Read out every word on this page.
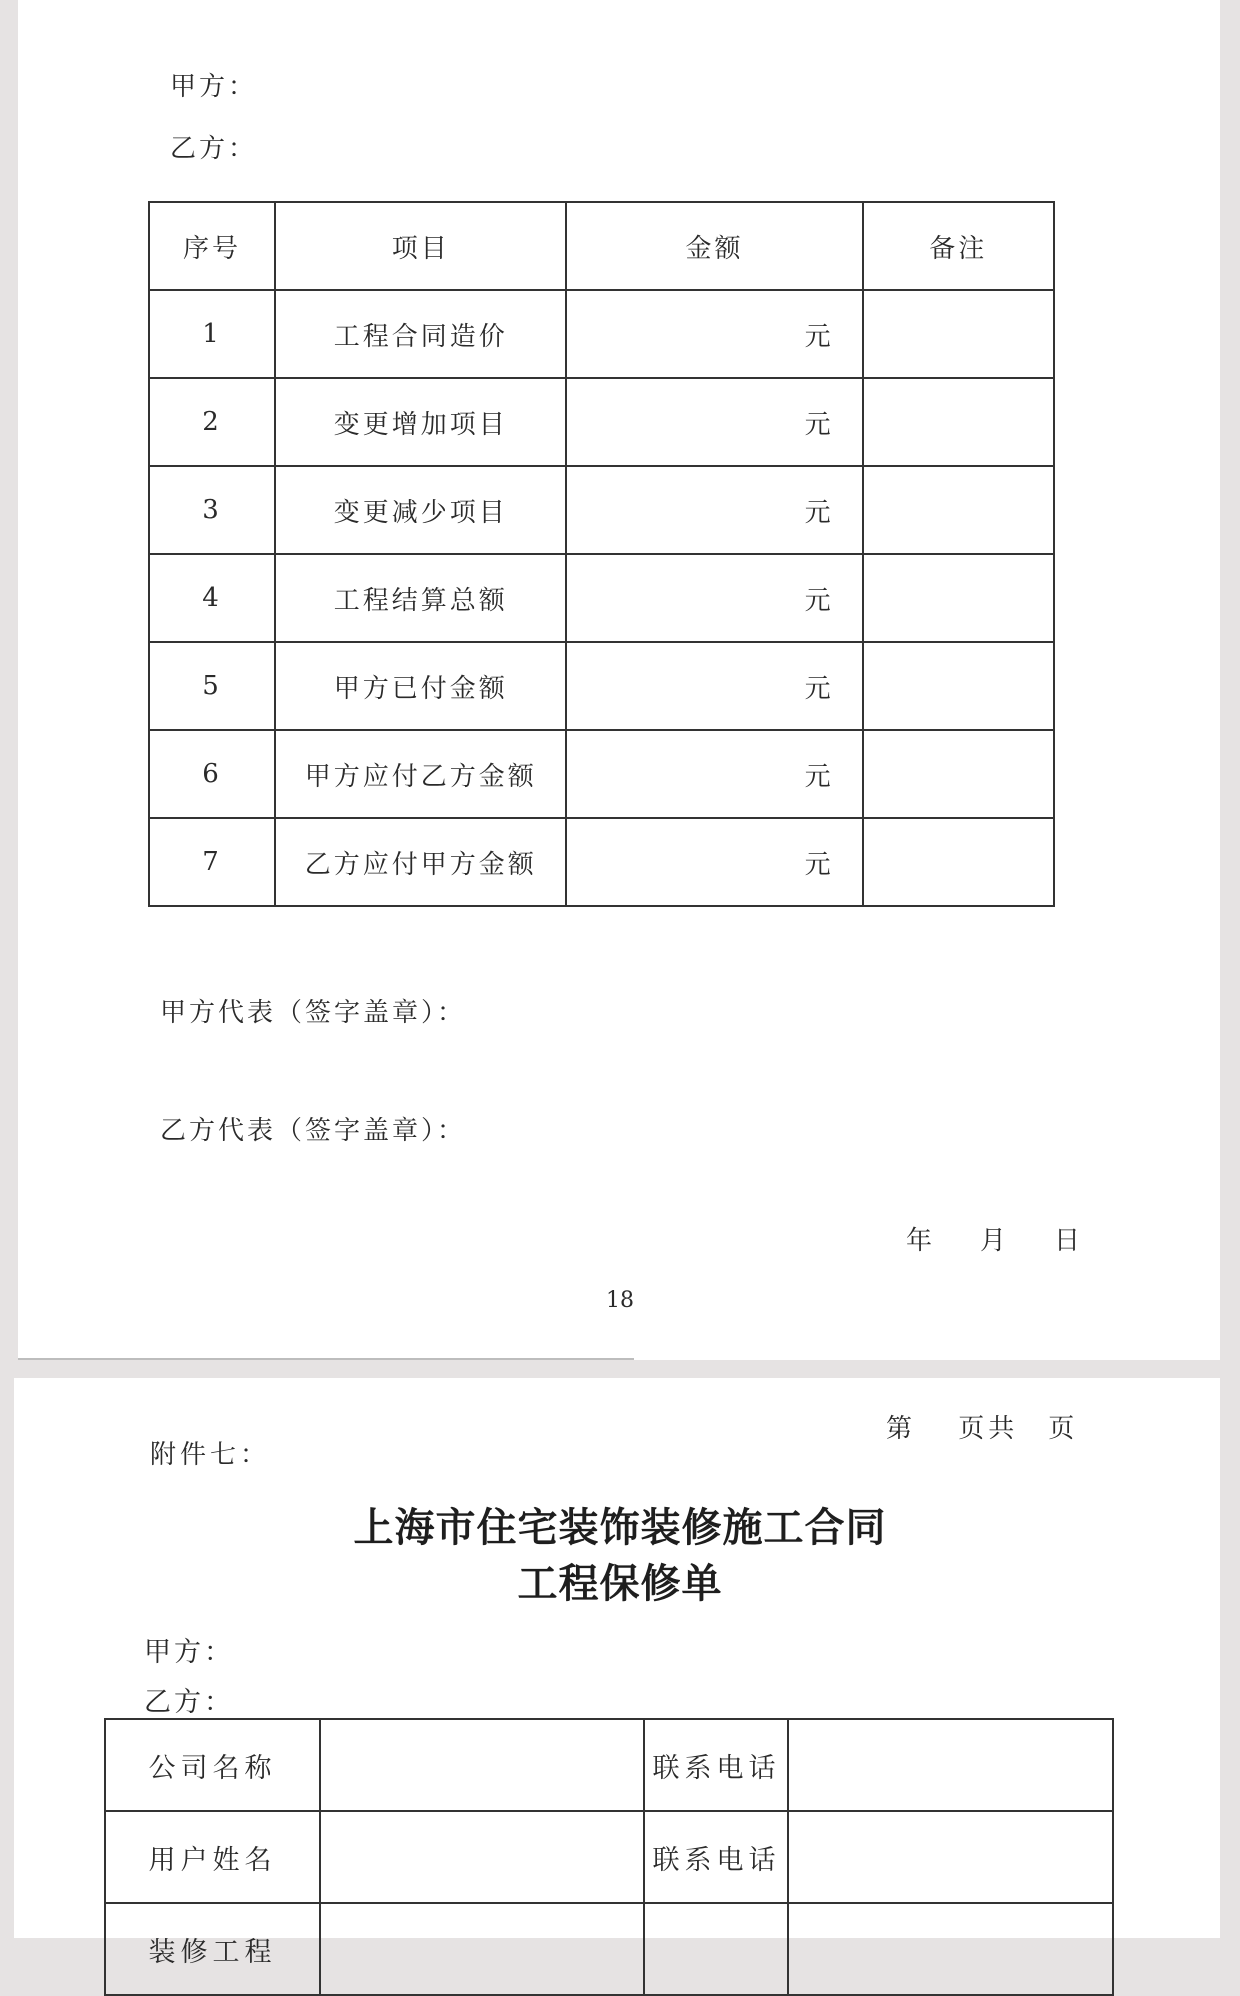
甲方：
乙方：
序号	项目	金额	备注
1	工程合同造价	元	
2	变更增加项目	元	
3	变更减少项目	元	
4	工程结算总额	元	
5	甲方已付金额	元	
6	甲方应付乙方金额	元	
7	乙方应付甲方金额	元	
甲方代表（签字盖章）：
乙方代表（签字盖章）：
年 月 日
18
第　 页共　页
附件七：
上海市住宅装饰装修施工合同
工程保修单
甲方：
乙方：
公司名称		联系电话	
用户姓名		联系电话	
装修工程			
